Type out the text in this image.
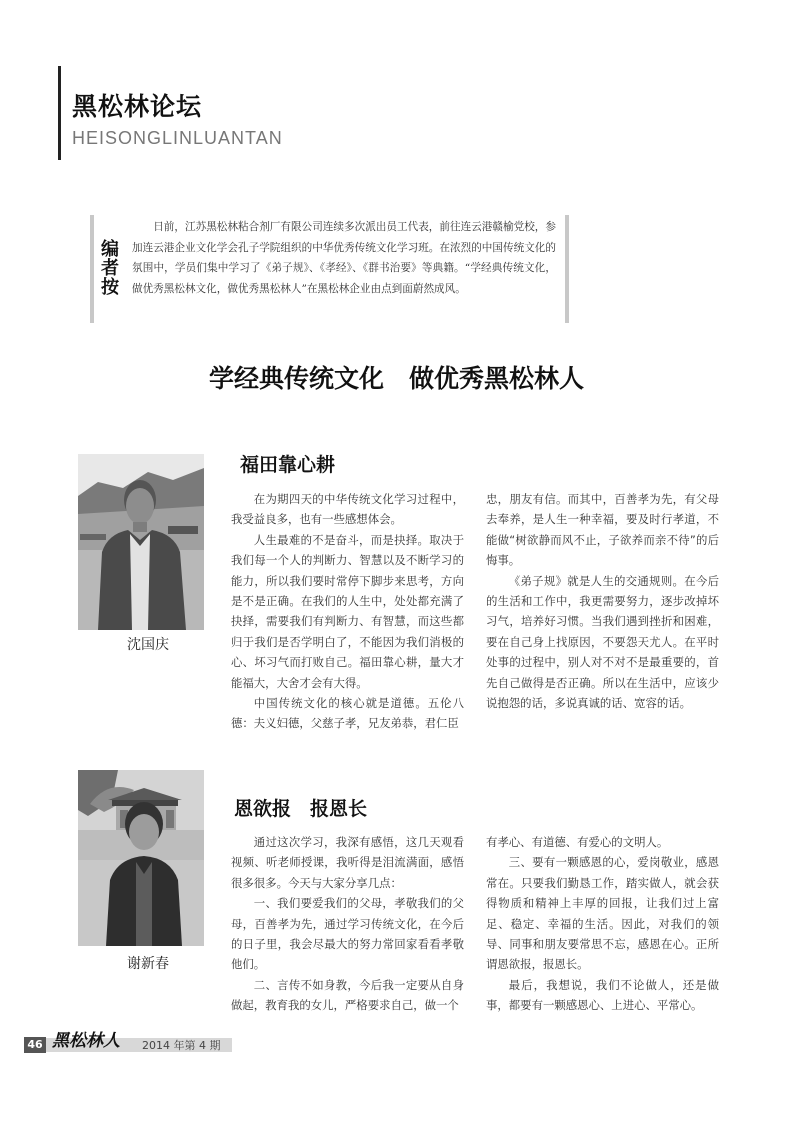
黑松林论坛
HEISONGLINLUANTAN
编者按

日前，江苏黑松林粘合剂厂有限公司连续多次派出员工代表，前往连云港赣榆党校，参加连云港企业文化学会孔子学院组织的中华优秀传统文化学习班。在浓烈的中国传统文化的氛围中，学员们集中学习了《弟子规》、《孝经》、《群书治要》等典籍。“学经典传统文化，做优秀黑松林文化，做优秀黑松林人”在黑松林企业由点到面蔚然成风。

学经典传统文化　做优秀黑松林人
沈国庆
福田靠心耕

在为期四天的中华传统文化学习过程中，我受益良多，也有一些感想体会。

人生最难的不是奋斗，而是抉择。取决于我们每一个人的判断力、智慧以及不断学习的能力，所以我们要时常停下脚步来思考，方向是不是正确。在我们的人生中，处处都充满了抉择，需要我们有判断力、有智慧，而这些都归于我们是否学明白了，不能因为我们消极的心、坏习气而打败自己。福田靠心耕，量大才能福大，大舍才会有大得。

中国传统文化的核心就是道德。五伦八德：夫义妇德，父慈子孝，兄友弟恭，君仁臣

忠，朋友有信。而其中，百善孝为先，有父母去奉养，是人生一种幸福，要及时行孝道，不能做“树欲静而风不止，子欲养而亲不待”的后悔事。

《弟子规》就是人生的交通规则。在今后的生活和工作中，我更需要努力，逐步改掉坏习气，培养好习惯。当我们遇到挫折和困难，要在自己身上找原因，不要怨天尤人。在平时处事的过程中，别人对不对不是最重要的，首先自己做得是否正确。所以在生活中，应该少说抱怨的话，多说真诚的话、宽容的话。

谢新春
恩欲报　报恩长

通过这次学习，我深有感悟，这几天观看视频、听老师授课，我听得是泪流满面，感悟很多很多。今天与大家分享几点：

一、我们要爱我们的父母，孝敬我们的父母，百善孝为先，通过学习传统文化，在今后的日子里，我会尽最大的努力常回家看看孝敬他们。

二、言传不如身教，今后我一定要从自身做起，教育我的女儿，严格要求自己，做一个

有孝心、有道德、有爱心的文明人。

三、要有一颗感恩的心，爱岗敬业，感恩常在。只要我们勤恳工作，踏实做人，就会获得物质和精神上丰厚的回报，让我们过上富足、稳定、幸福的生活。因此，对我们的领导、同事和朋友要常思不忘，感恩在心。正所谓恩欲报，报恩长。

最后，我想说，我们不论做人，还是做事，都要有一颗感恩心、上进心、平常心。

46 黑松林人 2014 年第 4 期
